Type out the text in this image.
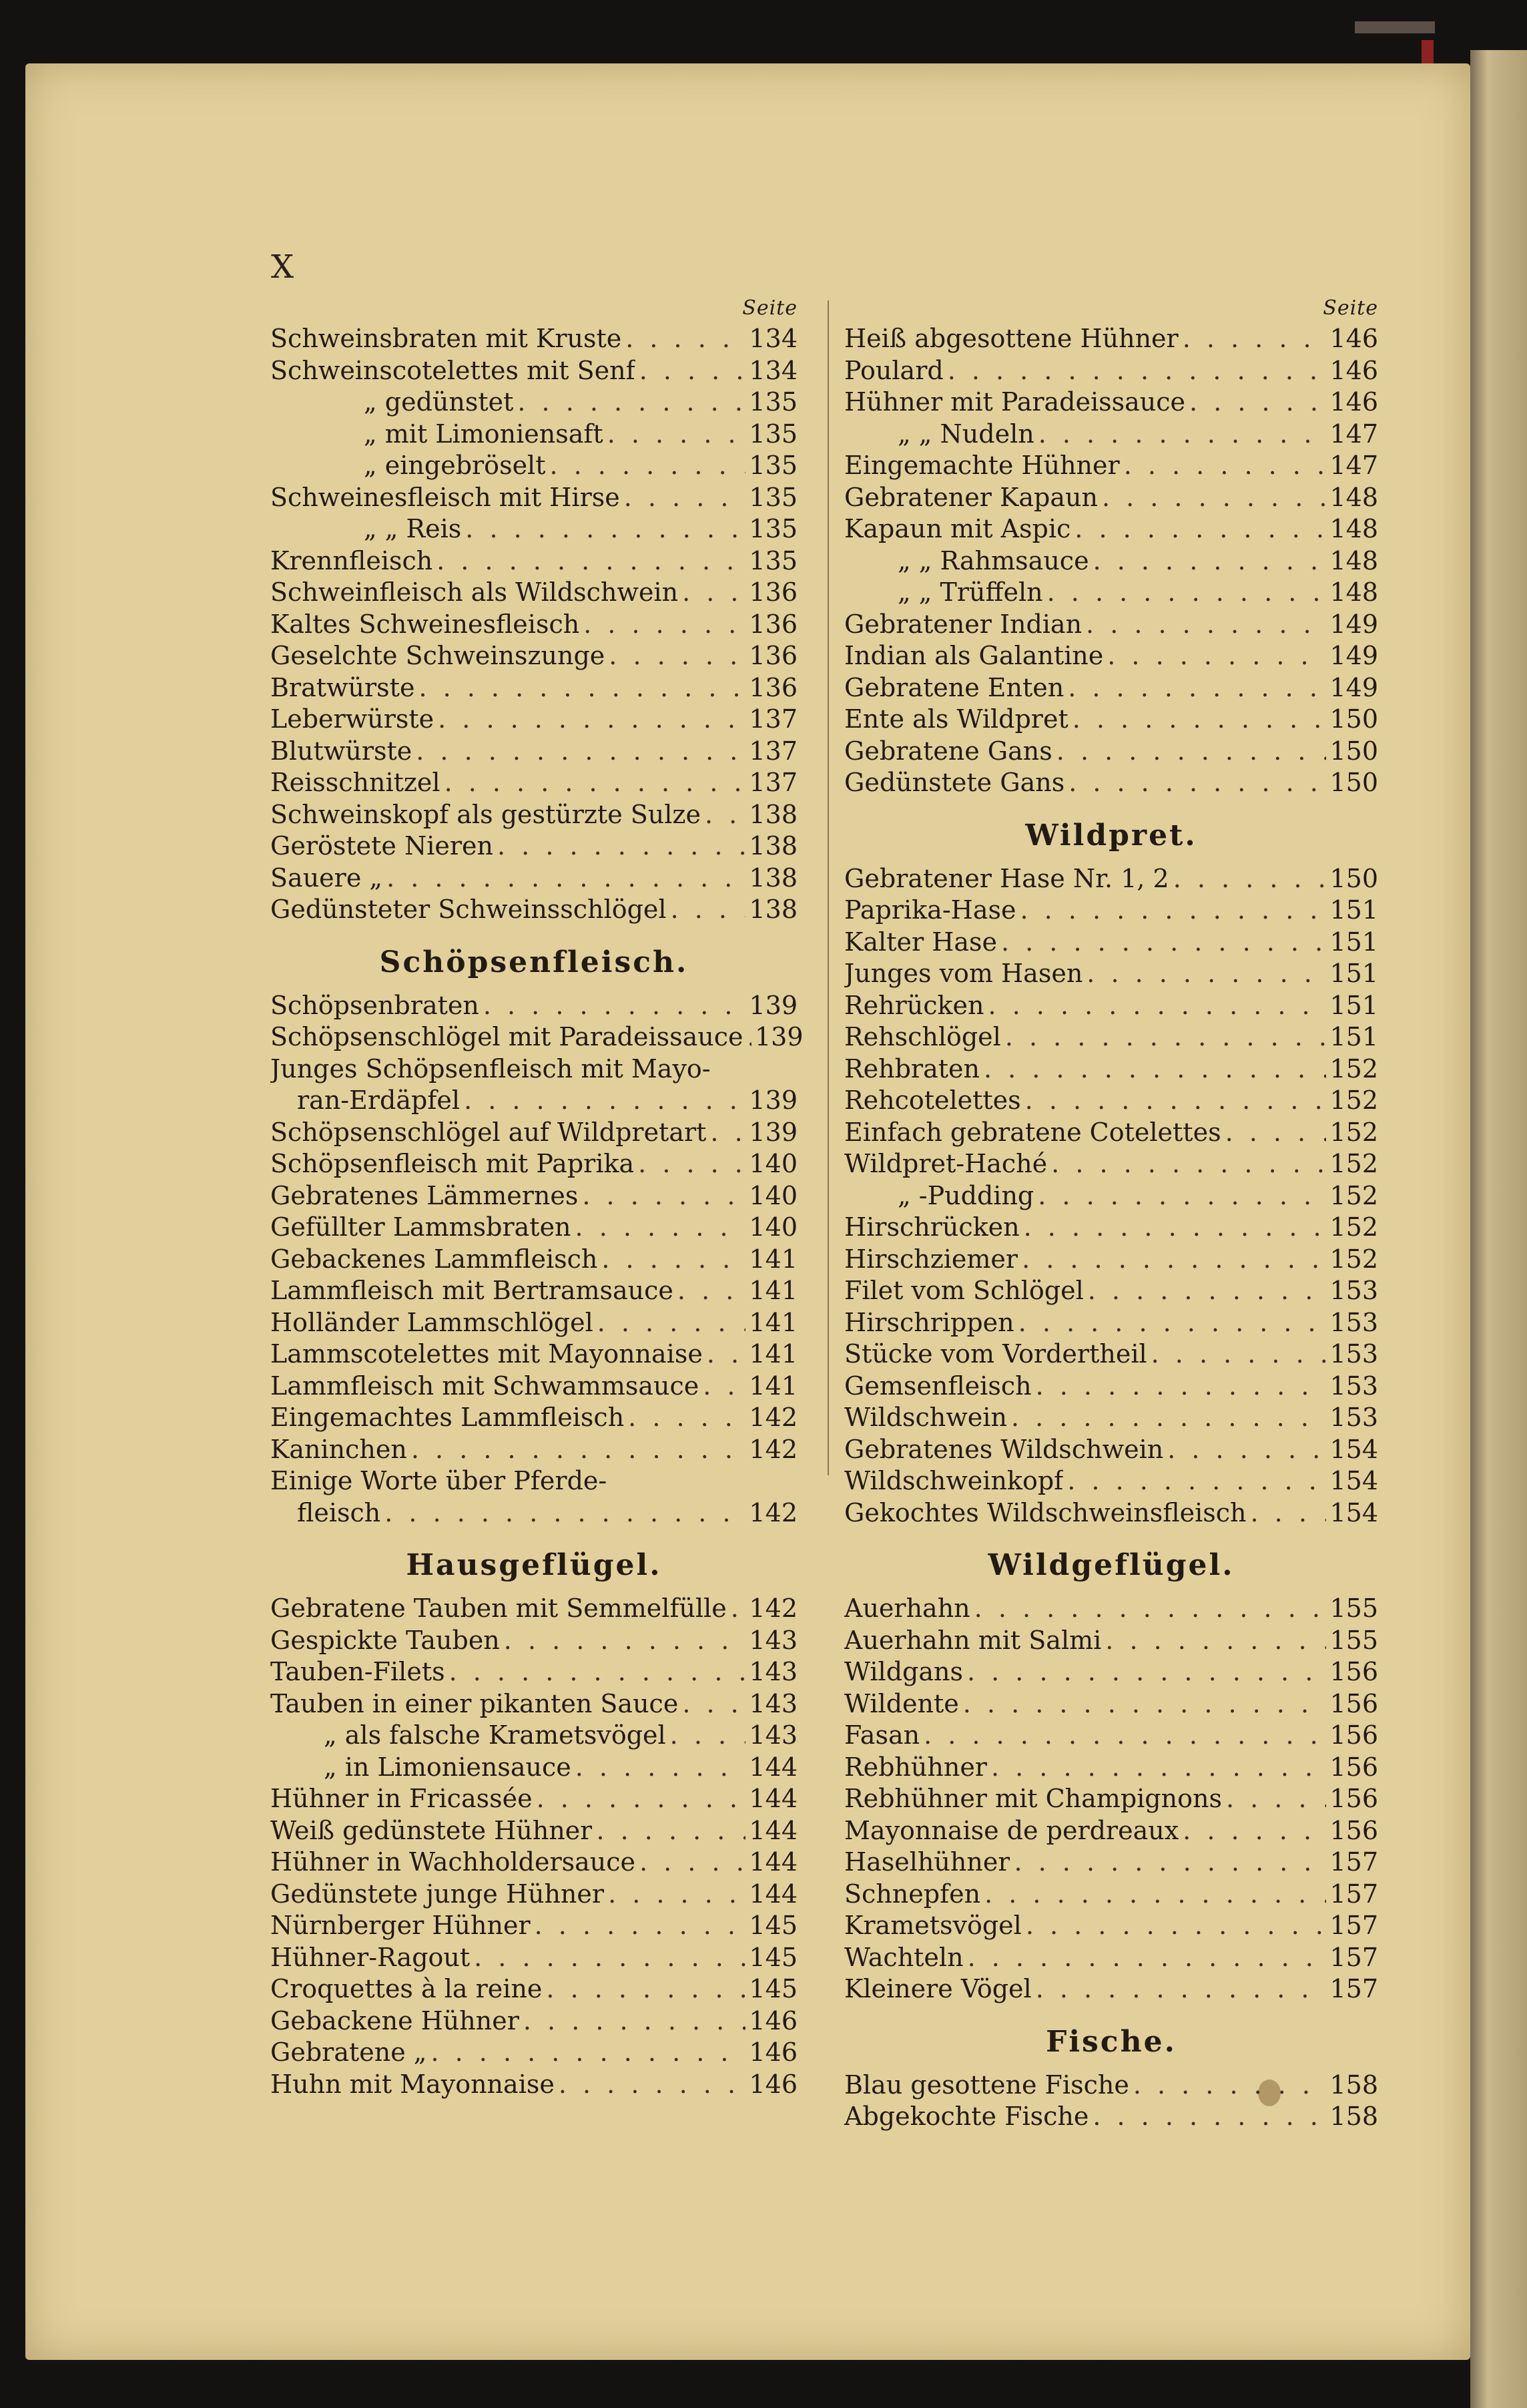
X
Seite
Schweinsbraten mit Kruste . . .	134
Schweinscotelettes mit Senf . . .	134
„ gedünstet . . .	135
„ mit Limoniensaft . . .	135
„ eingebröselt . . .	135
Schweinesfleisch mit Hirse . . .	135
„ „ Reis . . .	135
Krennfleisch . . .	135
Schweinfleisch als Wildschwein . . .	136
Kaltes Schweinesfleisch . . .	136
Geselchte Schweinszunge . . .	136
Bratwürste . . .	136
Leberwürste . . .	137
Blutwürste . . .	137
Reisschnitzel . . .	137
Schweinskopf als gestürzte Sulze . . . 138
Geröstete Nieren . . .	138
Sauere „ . . .	138
Gedünsteter Schweinsschlögel . . .	138
Schöpsenfleisch.
Schöpsenbraten . . .	139
Schöpsenschlögel mit Paradeissauce . . . 139
Junges Schöpsenfleisch mit Mayo-
ran-Erdäpfel . . .	139
Schöpsenschlögel auf Wildpretart . . . 139
Schöpsenfleisch mit Paprika . . .	140
Gebratenes Lämmernes . . .	140
Gefüllter Lammsbraten . . .	140
Gebackenes Lammfleisch . . .	141
Lammfleisch mit Bertramsauce . . .	141
Holländer Lammschlögel . . .	141
Lammscotelettes mit Mayonnaise . . . 141
Lammfleisch mit Schwammsauce . . . 141
Eingemachtes Lammfleisch . . .	142
Kaninchen . . .	142
Einige Worte über Pferde-
fleisch . . .	142
Hausgeflügel.
Gebratene Tauben mit Semmelfülle . . . 142
Gespickte Tauben . . .	143
Tauben-Filets . . .	143
Tauben in einer pikanten Sauce . . .	143
„ als falsche Krametsvögel . . .	143
„ in Limoniensauce . . .	144
Hühner in Fricassée . . .	144
Weiß gedünstete Hühner . . .	144
Hühner in Wachholdersauce . . .	144
Gedünstete junge Hühner . . .	144
Nürnberger Hühner . . .	145
Hühner-Ragout . . .	145
Croquettes à la reine . . .	145
Gebackene Hühner . . .	146
Gebratene „ . . .	146
Huhn mit Mayonnaise . . .	146
Seite
Heiß abgesottene Hühner . . .	146
Poulard . . .	146
Hühner mit Paradeissauce . . .	146
„ „ Nudeln . . .	147
Eingemachte Hühner . . .	147
Gebratener Kapaun . . .	148
Kapaun mit Aspic . . .	148
„ „ Rahmsauce . . .	148
„ „ Trüffeln . . .	148
Gebratener Indian . . .	149
Indian als Galantine . . .	149
Gebratene Enten . . .	149
Ente als Wildpret . . .	150
Gebratene Gans . . .	150
Gedünstete Gans . . .	150
Wildpret.
Gebratener Hase Nr. 1, 2 . . .	150
Paprika-Hase . . .	151
Kalter Hase . . .	151
Junges vom Hasen . . .	151
Rehrücken . . .	151
Rehschlögel . . .	151
Rehbraten . . .	152
Rehcotelettes . . .	152
Einfach gebratene Cotelettes . . .	152
Wildpret-Haché . . .	152
„ -Pudding . . .	152
Hirschrücken . . .	152
Hirschziemer . . .	152
Filet vom Schlögel . . .	153
Hirschrippen . . .	153
Stücke vom Vordertheil . . .	153
Gemsenfleisch . . .	153
Wildschwein . . .	153
Gebratenes Wildschwein . . .	154
Wildschweinkopf . . .	154
Gekochtes Wildschweinsfleisch . . .	154
Wildgeflügel.
Auerhahn . . .	155
Auerhahn mit Salmi . . .	155
Wildgans . . .	156
Wildente . . .	156
Fasan . . .	156
Rebhühner . . .	156
Rebhühner mit Champignons . . .	156
Mayonnaise de perdreaux . . .	156
Haselhühner . . .	157
Schnepfen . . .	157
Krametsvögel . . .	157
Wachteln . . .	157
Kleinere Vögel . . .	157
Fische.
Blau gesottene Fische . . .	158
Abgekochte Fische . . .	158
